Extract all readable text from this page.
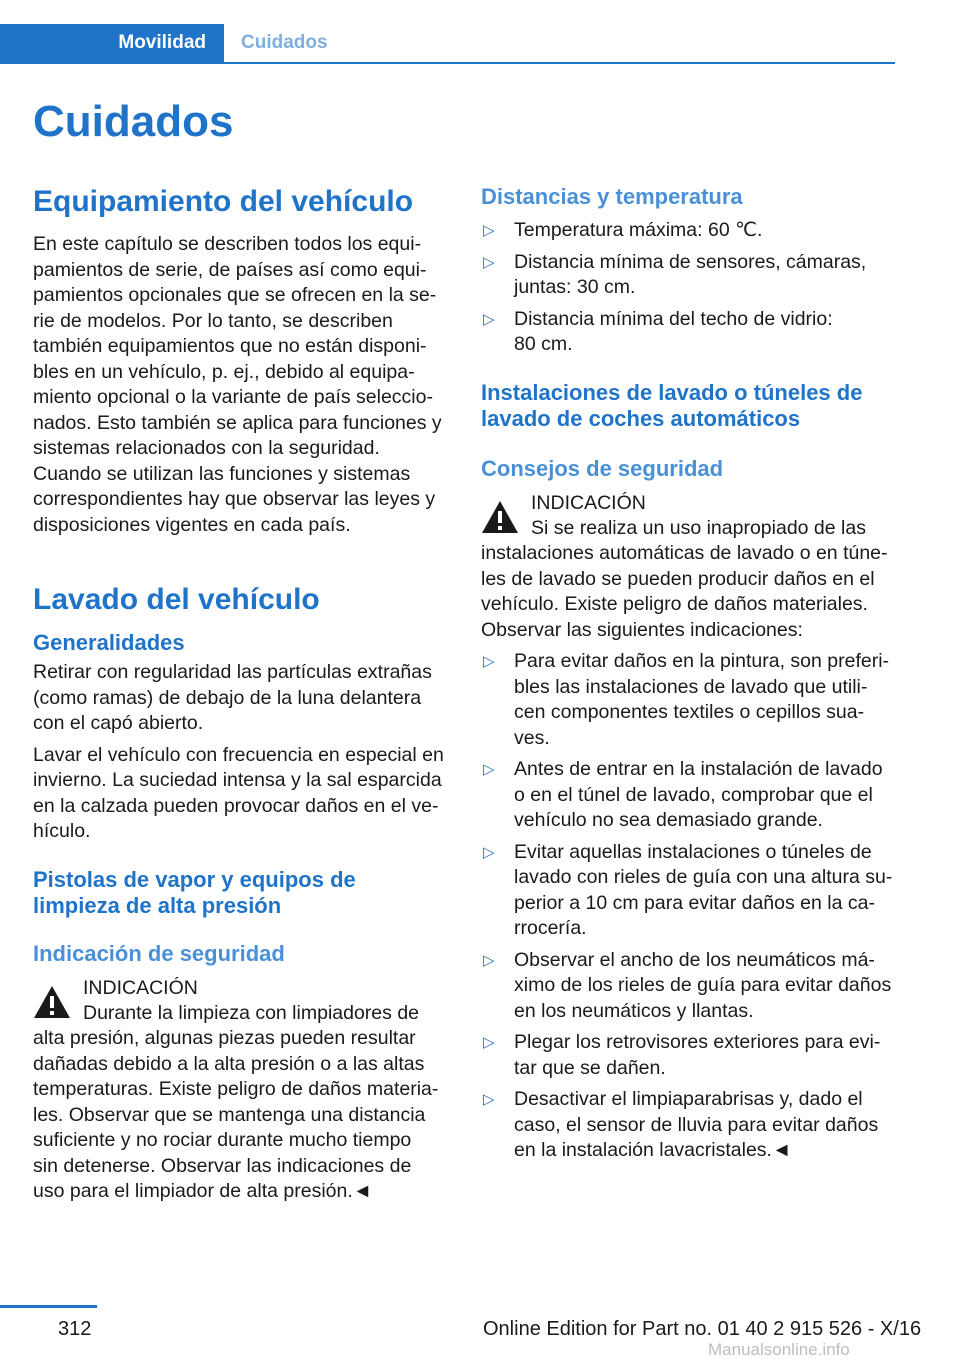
Movilidad Cuidados
Cuidados
Equipamiento del vehículo

En este capítulo se describen todos los equi-
pamientos de serie, de países así como equi-
pamientos opcionales que se ofrecen en la se-
rie de modelos. Por lo tanto, se describen
también equipamientos que no están disponi-
bles en un vehículo, p. ej., debido al equipa-
miento opcional o la variante de país seleccio-
nados. Esto también se aplica para funciones y
sistemas relacionados con la seguridad.

Cuando se utilizan las funciones y sistemas
correspondientes hay que observar las leyes y
disposiciones vigentes en cada país.

Lavado del vehículo
Generalidades

Retirar con regularidad las partículas extrañas
(como ramas) de debajo de la luna delantera
con el capó abierto.

Lavar el vehículo con frecuencia en especial en
invierno. La suciedad intensa y la sal esparcida
en la calzada pueden provocar daños en el ve-
hículo.

Pistolas de vapor y equipos de
limpieza de alta presión
Indicación de seguridad
INDICACIÓN

Durante la limpieza con limpiadores de
alta presión, algunas piezas pueden resultar
dañadas debido a la alta presión o a las altas
temperaturas. Existe peligro de daños materia-
les. Observar que se mantenga una distancia
suficiente y no rociar durante mucho tiempo
sin detenerse. Observar las indicaciones de
uso para el limpiador de alta presión.◄

Distancias y temperatura
▷ Temperatura máxima: 60 ℃.
▷ Distancia mínima de sensores, cámaras,
juntas: 30 cm.
▷ Distancia mínima del techo de vidrio:
80 cm.
Instalaciones de lavado o túneles de
lavado de coches automáticos
Consejos de seguridad
INDICACIÓN

Si se realiza un uso inapropiado de las
instalaciones automáticas de lavado o en túne-
les de lavado se pueden producir daños en el
vehículo. Existe peligro de daños materiales.
Observar las siguientes indicaciones:

▷ Para evitar daños en la pintura, son preferi-
bles las instalaciones de lavado que utili-
cen componentes textiles o cepillos sua-
ves.
▷ Antes de entrar en la instalación de lavado
o en el túnel de lavado, comprobar que el
vehículo no sea demasiado grande.
▷ Evitar aquellas instalaciones o túneles de
lavado con rieles de guía con una altura su-
perior a 10 cm para evitar daños en la ca-
rrocería.
▷ Observar el ancho de los neumáticos má-
ximo de los rieles de guía para evitar daños
en los neumáticos y llantas.
▷ Plegar los retrovisores exteriores para evi-
tar que se dañen.
▷ Desactivar el limpiaparabrisas y, dado el
caso, el sensor de lluvia para evitar daños
en la instalación lavacristales.◄
312	Online Edition for Part no. 01 40 2 915 526 - X/16
Manualsonline.info
